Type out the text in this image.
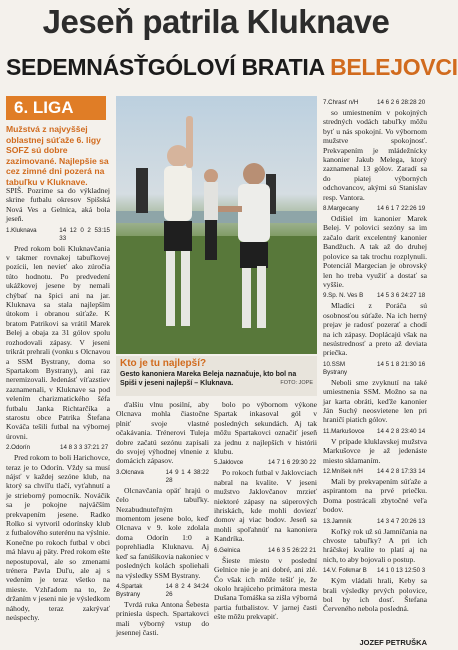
Jeseň patrila Kluknave
SEDEMNÁSŤGÓLOVÍ BRATIA BELEJOVCI
6. LIGA
Mužstvá z najvyššej oblastnej súťaže 6. ligy SOFZ sú dobre zazimované. Najlepšie sa cez zimné dni pozerá na tabuľku v Kluknave.

SPIŠ. Pozrime sa do výkladnej skrine futbalu okresov Spišská Nová Ves a Gelnica, aká bola jeseň.

1.Kluknava	14 12 0 2 53:15 33

Pred rokom boli Kluknavčania v takmer rovnakej tabuľkovej pozícii, len nevieť ako zúročia túto hodnotu. Po predvedení ukážkovej jesene by nemali chýbať na špici ani na jar. Kluknava sa stala najlepším útokom i obranou súťaže. K bratom Patrikovi sa vrátil Marek Belej a obaja za 31 gólov spolu rozhodovali zápasy. V jeseni trikrát prehrali (vonku s Olcnavou a SSM Bystrany, doma so Spartakom Bystrany), ani raz neremizovali. Jedenásť víťazstiev zaznamenali, v Kluknave sa pod velením charizmatického šéfa futbalu Janka Richtarčíka a starostu obce Patrika Štefana Kováča tešili futbal na výbornej úrovni.

2.Odorín	14 8 3 3 37:21 27

Pred rokom to boli Harichovce, teraz je to Odorín. Vždy sa musí nájsť v každej sezóne klub, na ktorý sa chvíľu tlačí, vyťahnutí a je strieborný pomocník. Nováčik sa je pokojne najväčším prekvapením jesene. Radko Rolko si vytvoril odorínsky klub z futbalového suterénu na výslnie. Konečne po rokoch futbal v obci má hlavu aj päty. Pred rokom ešte nepostupoval, ale so zmenami trénera Pavla Duľu, ale aj s vedením je teraz všetko na mieste. Vzhľadom na to, že držaním v jeseni nie je výsledkom náhody, teraz zakrývať neúspechy.

Kto je tu najlepší?
Gesto kanoniera Mareka Beleja naznačuje, kto bol na Spiši v jeseni najlepší – Kluknava.	FOTO: JOPE

ďalšiu vlnu posilní, aby Olcnava mohla čiastočne plniť svoje vlastné očakávania. Trénerovi Tuleja dobre začatú sezónu zapísali do svojej výhodnej vlnenie z domácich zápasov.

3.Olcnava	14 9 1 4 38:22 28

Olcnavčania opäť hrajú o čelo tabuľky. Nezabudnuteľným momentom jesene bolo, keď Olcnava v 9. kole zdolala doma Odorín 1:0 a poprehliadla Kluknavu. Aj keď sa fanúšikovia nakoniec v posledných kolách spoliehali na výsledky SSM Bystrany.

4.Spartak Bystrany
14 8 2 4 34:24 26

Tvrdá ruka Antona Šebesta priniesla úspech. Spartakovci mali výborný vstup do jesennej časti.

bolo po výbornom výkone Spartak inkasoval gól v posledných sekundách. Aj tak môžu Spartakovci označiť jeseň za jednu z najlepších v histórii klubu.

5.Jaklovce	14 7 1 6 29:30 22

Po rokoch futbal v Jaklovciach nabral na kvalite. V jeseni mužstvo Jaklovčanov mrzieť niektoré zápasy na súperových ihriskách, kde mohli doviezť domov aj viac bodov. Jeseň sa mohli spoľahnúť na kanoniera Kandríka.

6.Gelnica	14 6 3 5 26:22 21

Šieste miesto v poslední Gelnice nie je ani dobré, ani zlé. Čo však ich môže tešiť je, že okolo hrajúceho primátora mesta Dušana Tomáška sa zišla výborná partia futbalistov. V jarnej časti ešte môžu prekvapiť.

7.Chrasť n/H	14 6 2 6 28:28 20

so umiestnením v pokojných stredných vodách tabuľky môžu byť u nás spokojní. Vo výbornom mužstve spokojnosť. Prekvapením je mládežnícky kanonier Jakub Melega, ktorý zaznamenal 13 gólov. Zaradí sa do piatej výborných odchovancov, akými sú Stanislav resp. Vantora.

8.Margecany	14 6 1 7 22:26 19

Odišiel im kanonier Marek Belej. V polovici sezóny sa im začalo darit excelentný kanonier Bandžuch. A tak až do druhej polovice sa tak trochu rozplynuli. Potenciál Margecian je obrovský len ho treba využiť a dostať sa vyššie.

9.Sp. N. Ves B	14 5 3 6 24:27 18

Mladíci z Poráča sú osobnosťou súťaže. Na ich herný prejav je radosť pozerať a chodí na ich zápasy. Doplácajú však na nesústrednosť a preto až deviata priečka.

10.SSM Bystrany
14 5 1 8 21:30 16

Neboli sme zvyknutí na také umiestnenia SSM. Možno sa na jar karta obráti, keďže kanonier Ján Suchý neosvietene len pri hraničí piatich gólov.

11.Markušovce	14 4 2 8 23:40 14

V prípade kluklavskej mužstva Markušovce je až jedenáste miesto sklamaním.

12.Mníšek n/H	14 4 2 8 17:33 14

Mali by prekvapením súťaže a aspirantom na prvé priečku. Doma postrácali zbytočné veľa bodov.

13.Jamník	14 3 4 7 20:26 13

Koľký rok už sú Jamníčania na chvoste tabuľky? A pri ich hráčskej kvalite to platí aj na nich, to aby bojovali o postup.

14.V. Folkmar B 14 1 0 13 12:50 3

Kým vládali hrali, Keby sa brali výsledky prvých polovice, bol by ich dosť. Štefana Červeného nebola posledná.

JOZEF PETRUŠKA
